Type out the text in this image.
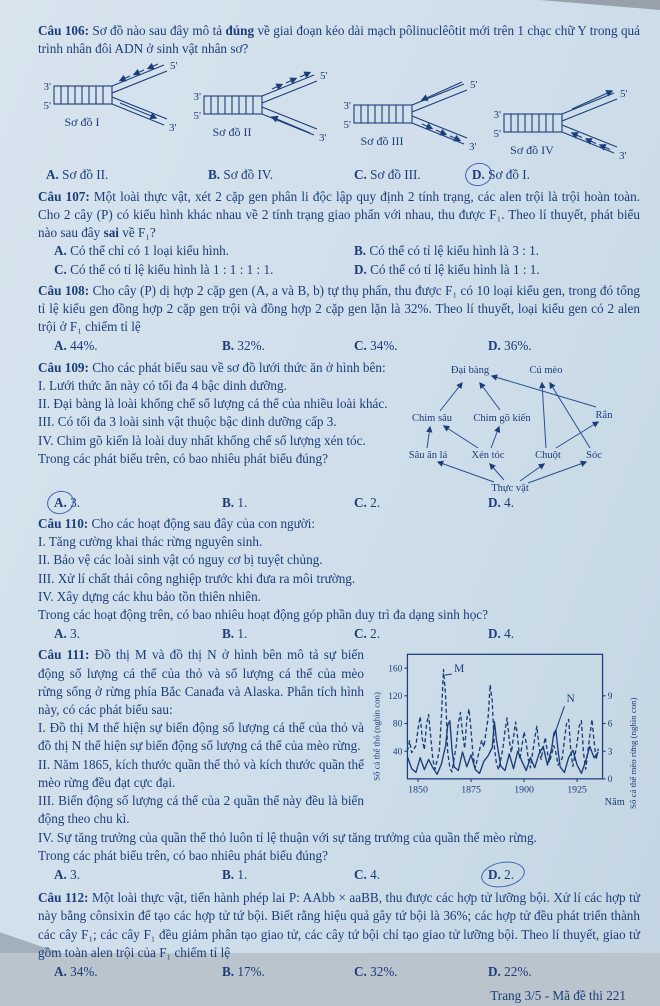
Câu 106: Sơ đồ nào sau đây mô tả đúng về giai đoạn kéo dài mạch pôlinuclêôtit mới trên 1 chạc chữ Y trong quá trình nhân đôi ADN ở sinh vật nhân sơ?
3'
5'
5'
3'
Sơ đồ I
3'
5'
5'
3'
Sơ đồ II
3'
5'
5'
3'
Sơ đồ III
3'
5'
5'
3'
Sơ đồ IV
A. Sơ đồ II.	B. Sơ đồ IV.	C. Sơ đồ III.	D. Sơ đồ I.
Câu 107: Một loài thực vật, xét 2 cặp gen phân li độc lập quy định 2 tính trạng, các alen trội là trội hoàn toàn. Cho 2 cây (P) có kiểu hình khác nhau về 2 tính trạng giao phấn với nhau, thu được F₁. Theo lí thuyết, phát biểu nào sau đây sai về F₁?
A. Có thể chỉ có 1 loại kiểu hình.	B. Có thể có tỉ lệ kiểu hình là 3 : 1.
C. Có thể có tỉ lệ kiểu hình là 1 : 1 : 1 : 1.	D. Có thể có tỉ lệ kiểu hình là 1 : 1.
Câu 108: Cho cây (P) dị hợp 2 cặp gen (A, a và B, b) tự thụ phấn, thu được F₁ có 10 loại kiểu gen, trong đó tổng tỉ lệ kiểu gen đồng hợp 2 cặp gen trội và đồng hợp 2 cặp gen lặn là 32%. Theo lí thuyết, loại kiểu gen có 2 alen trội ở F₁ chiếm tỉ lệ
A. 44%.	B. 32%.	C. 34%.	D. 36%.
Câu 109: Cho các phát biểu sau về sơ đồ lưới thức ăn ở hình bên:

I. Lưới thức ăn này có tối đa 4 bậc dinh dưỡng.

II. Đại bàng là loài khống chế số lượng cá thể của nhiều loài khác.

III. Có tối đa 3 loài sinh vật thuộc bậc dinh dưỡng cấp 3.

IV. Chim gõ kiến là loài duy nhất khống chế số lượng xén tóc.

Trong các phát biểu trên, có bao nhiêu phát biểu đúng?
Đại bàng	Cú mèo
Chim sâu Chim gõ kiến	Rắn
Sâu ăn lá Xén tóc	Chuột Sóc
Thực vật
A. 3.	B. 1.	C. 2.	D. 4.
Câu 110: Cho các hoạt động sau đây của con người:

I. Tăng cường khai thác rừng nguyên sinh.

II. Bảo vệ các loài sinh vật có nguy cơ bị tuyệt chủng.

III. Xử lí chất thải công nghiệp trước khi đưa ra môi trường.

IV. Xây dựng các khu bảo tồn thiên nhiên.

Trong các hoạt động trên, có bao nhiêu hoạt động góp phần duy trì đa dạng sinh học?
A. 3.	B. 1.	C. 2.	D. 4.
40
80
120
160
0
3
6
9
1850	1875	1900	1925
M
N
Số cá thể thỏ (nghìn con)	Số cá thể mèo rừng (nghìn con)
Năm
Câu 111: Đồ thị M và đồ thị N ở hình bên mô tả sự biến động số lượng cá thể của thỏ và số lượng cá thể của mèo rừng sống ở rừng phía Bắc Canađa và Alaska. Phân tích hình này, có các phát biểu sau:

I. Đồ thị M thể hiện sự biến động số lượng cá thể của thỏ và đồ thị N thể hiện sự biến động số lượng cá thể của mèo rừng.

II. Năm 1865, kích thước quần thể thỏ và kích thước quần thể mèo rừng đều đạt cực đại.

III. Biến động số lượng cá thể của 2 quần thể này đều là biến động theo chu kì.

IV. Sự tăng trưởng của quần thể thỏ luôn tỉ lệ thuận với sự tăng trưởng của quần thể mèo rừng.

Trong các phát biểu trên, có bao nhiêu phát biểu đúng?
A. 3.	B. 1.	C. 4.	D. 2.
Câu 112: Một loài thực vật, tiến hành phép lai P: AAbb × aaBB, thu được các hợp tử lưỡng bội. Xử lí các hợp tử này bằng cônsixin để tạo các hợp tử tứ bội. Biết rằng hiệu quả gây tứ bội là 36%; các hợp tử đều phát triển thành các cây F₁; các cây F₁ đều giảm phân tạo giao tử, các cây tứ bội chỉ tạo giao tử lưỡng bội. Theo lí thuyết, giao tử gồm toàn alen trội của F₁ chiếm tỉ lệ
A. 34%.	B. 17%.	C. 32%.	D. 22%.
Trang 3/5 - Mã đề thi 221
